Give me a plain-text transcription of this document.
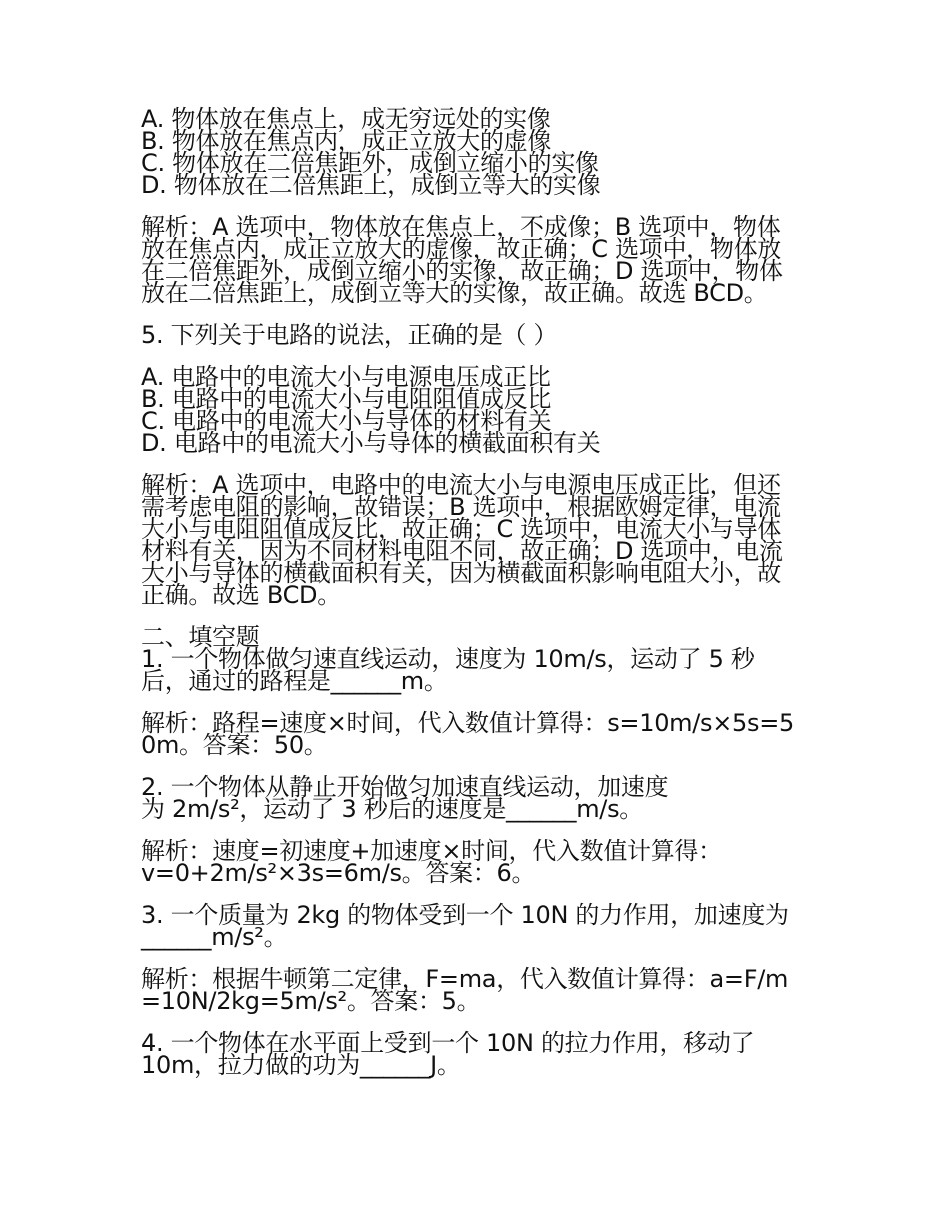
A. 物体放在焦点上，成无穷远处的实像
B. 物体放在焦点内，成正立放大的虚像
C. 物体放在二倍焦距外，成倒立缩小的实像
D. 物体放在二倍焦距上，成倒立等大的实像
解析：A 选项中，物体放在焦点上，不成像；B 选项中，物体
放在焦点内，成正立放大的虚像，故正确；C 选项中，物体放
在二倍焦距外，成倒立缩小的实像，故正确；D 选项中，物体
放在二倍焦距上，成倒立等大的实像，故正确。故选 BCD。
5. 下列关于电路的说法，正确的是（ ）
A. 电路中的电流大小与电源电压成正比
B. 电路中的电流大小与电阻阻值成反比
C. 电路中的电流大小与导体的材料有关
D. 电路中的电流大小与导体的横截面积有关
解析：A 选项中，电路中的电流大小与电源电压成正比，但还
需考虑电阻的影响，故错误；B 选项中，根据欧姆定律，电流
大小与电阻阻值成反比，故正确；C 选项中，电流大小与导体
材料有关，因为不同材料电阻不同，故正确；D 选项中，电流
大小与导体的横截面积有关，因为横截面积影响电阻大小，故
正确。故选 BCD。
二、填空题
1. 一个物体做匀速直线运动，速度为 10m/s，运动了 5 秒
后，通过的路程是______m。
解析：路程=速度×时间，代入数值计算得：s=10m/s×5s=5
0m。答案：50。
2. 一个物体从静止开始做匀加速直线运动，加速度
为 2m/s²，运动了 3 秒后的速度是______m/s。
解析：速度=初速度+加速度×时间，代入数值计算得：
v=0+2m/s²×3s=6m/s。答案：6。
3. 一个质量为 2kg 的物体受到一个 10N 的力作用，加速度为
______m/s²。
解析：根据牛顿第二定律，F=ma，代入数值计算得：a=F/m
=10N/2kg=5m/s²。答案：5。
4. 一个物体在水平面上受到一个 10N 的拉力作用，移动了
10m，拉力做的功为______J。
